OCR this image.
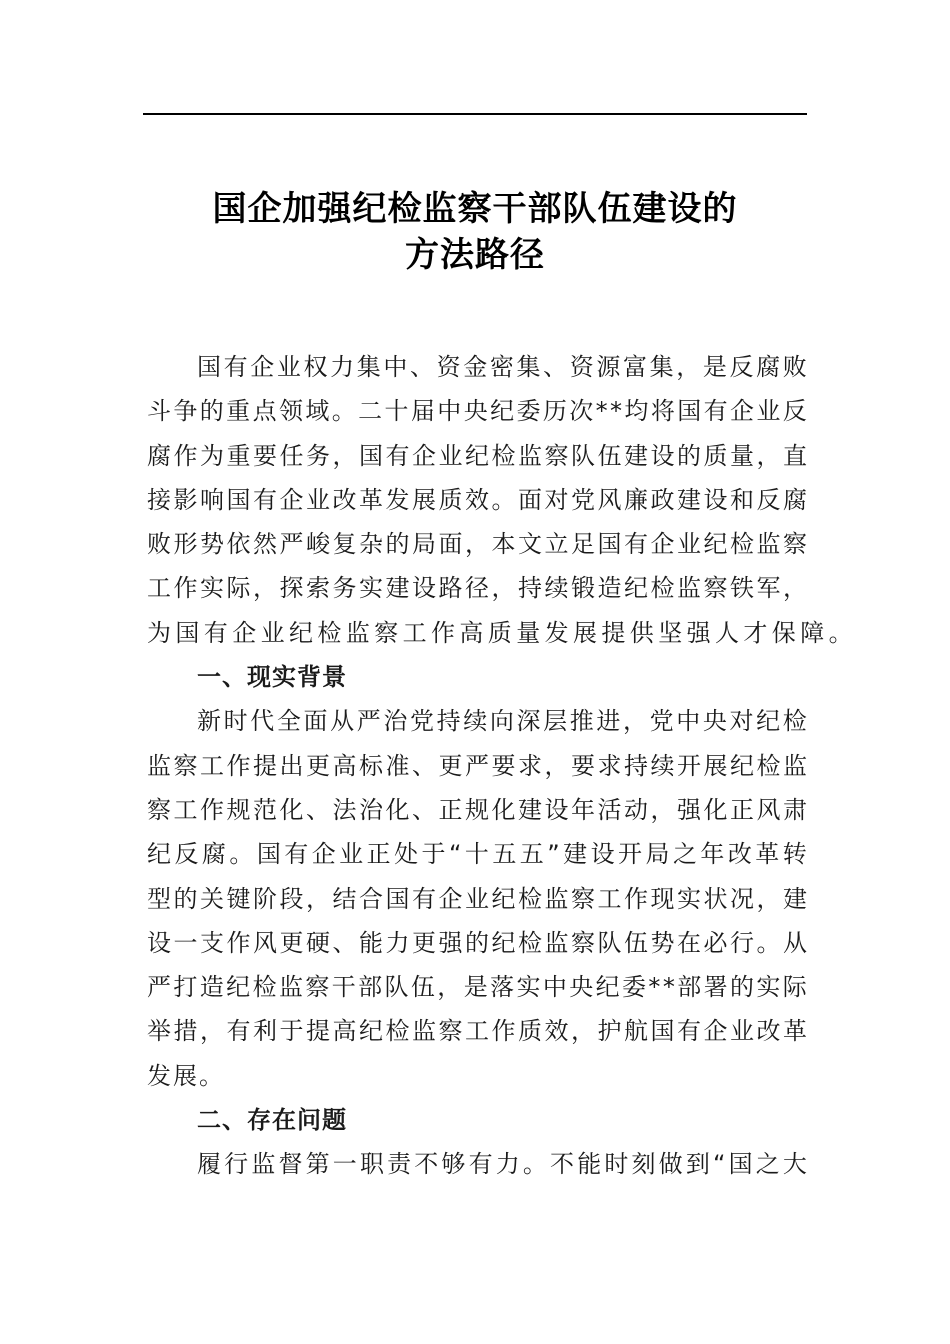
国企加强纪检监察干部队伍建设的
方法路径
国 有 企 业 权 力 集 中 、 资 金 密 集 、 资 源 富 集 ， 是 反 腐 败
斗 争 的 重 点 领 域 。 二 十 届 中 央 纪 委 历 次 * * 均 将 国 有 企 业 反
腐 作 为 重 要 任 务 ， 国 有 企 业 纪 检 监 察 队 伍 建 设 的 质 量 ， 直
接 影 响 国 有 企 业 改 革 发 展 质 效 。 面 对 党 风 廉 政 建 设 和 反 腐
败 形 势 依 然 严 峻 复 杂 的 局 面 ， 本 文 立 足 国 有 企 业 纪 检 监 察
工 作 实 际 ， 探 索 务 实 建 设 路 径 ， 持 续 锻 造 纪 检 监 察 铁 军 ，
为国有企业纪检监察工作高质量发展提供坚强人才保障。
一、现实背景
新 时 代 全 面 从 严 治 党 持 续 向 深 层 推 进 ， 党 中 央 对 纪 检
监 察 工 作 提 出 更 高 标 准 、 更 严 要 求 ， 要 求 持 续 开 展 纪 检 监
察 工 作 规 范 化 、 法 治 化 、 正 规 化 建 设 年 活 动 ， 强 化 正 风 肃
纪 反 腐 。 国 有 企 业 正 处 于 “ 十 五 五 ” 建 设 开 局 之 年 改 革 转
型 的 关 键 阶 段 ， 结 合 国 有 企 业 纪 检 监 察 工 作 现 实 状 况 ， 建
设 一 支 作 风 更 硬 、 能 力 更 强 的 纪 检 监 察 队 伍 势 在 必 行 。 从
严 打 造 纪 检 监 察 干 部 队 伍 ， 是 落 实 中 央 纪 委 * * 部 署 的 实 际
举 措 ， 有 利 于 提 高 纪 检 监 察 工 作 质 效 ， 护 航 国 有 企 业 改 革
发展。
二、存在问题
履 行 监 督 第 一 职 责 不 够 有 力 。 不 能 时 刻 做 到 “ 国 之 大
